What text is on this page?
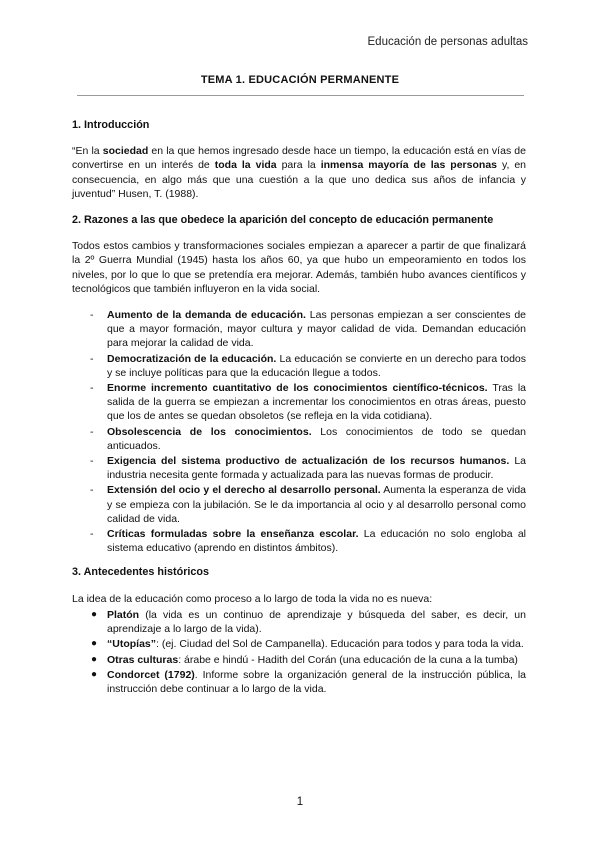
Educación de personas adultas
TEMA 1. EDUCACIÓN PERMANENTE
1. Introducción
“En la sociedad en la que hemos ingresado desde hace un tiempo, la educación está en vías de convertirse en un interés de toda la vida para la inmensa mayoría de las personas y, en consecuencia, en algo más que una cuestión a la que uno dedica sus años de infancia y juventud” Husen, T. (1988).
2. Razones a las que obedece la aparición del concepto de educación permanente
Todos estos cambios y transformaciones sociales empiezan a aparecer a partir de que finalizará la 2º Guerra Mundial (1945) hasta los años 60, ya que hubo un empeoramiento en todos los niveles, por lo que lo que se pretendía era mejorar. Además, también hubo avances científicos y tecnológicos que también influyeron en la vida social.
- Aumento de la demanda de educación. Las personas empiezan a ser conscientes de que a mayor formación, mayor cultura y mayor calidad de vida. Demandan educación para mejorar la calidad de vida.
- Democratización de la educación. La educación se convierte en un derecho para todos y se incluye políticas para que la educación llegue a todos.
- Enorme incremento cuantitativo de los conocimientos científico-técnicos. Tras la salida de la guerra se empiezan a incrementar los conocimientos en otras áreas, puesto que los de antes se quedan obsoletos (se refleja en la vida cotidiana).
- Obsolescencia de los conocimientos. Los conocimientos de todo se quedan anticuados.
- Exigencia del sistema productivo de actualización de los recursos humanos. La industria necesita gente formada y actualizada para las nuevas formas de producir.
- Extensión del ocio y el derecho al desarrollo personal. Aumenta la esperanza de vida y se empieza con la jubilación. Se le da importancia al ocio y al desarrollo personal como calidad de vida.
- Críticas formuladas sobre la enseñanza escolar. La educación no solo engloba al sistema educativo (aprendo en distintos ámbitos).
3. Antecedentes históricos
La idea de la educación como proceso a lo largo de toda la vida no es nueva:
● Platón (la vida es un continuo de aprendizaje y búsqueda del saber, es decir, un aprendizaje a lo largo de la vida).
● “Utopías”: (ej. Ciudad del Sol de Campanella). Educación para todos y para toda la vida.
● Otras culturas: árabe e hindú - Hadith del Corán (una educación de la cuna a la tumba)
● Condorcet (1792). Informe sobre la organización general de la instrucción pública, la instrucción debe continuar a lo largo de la vida.
1
